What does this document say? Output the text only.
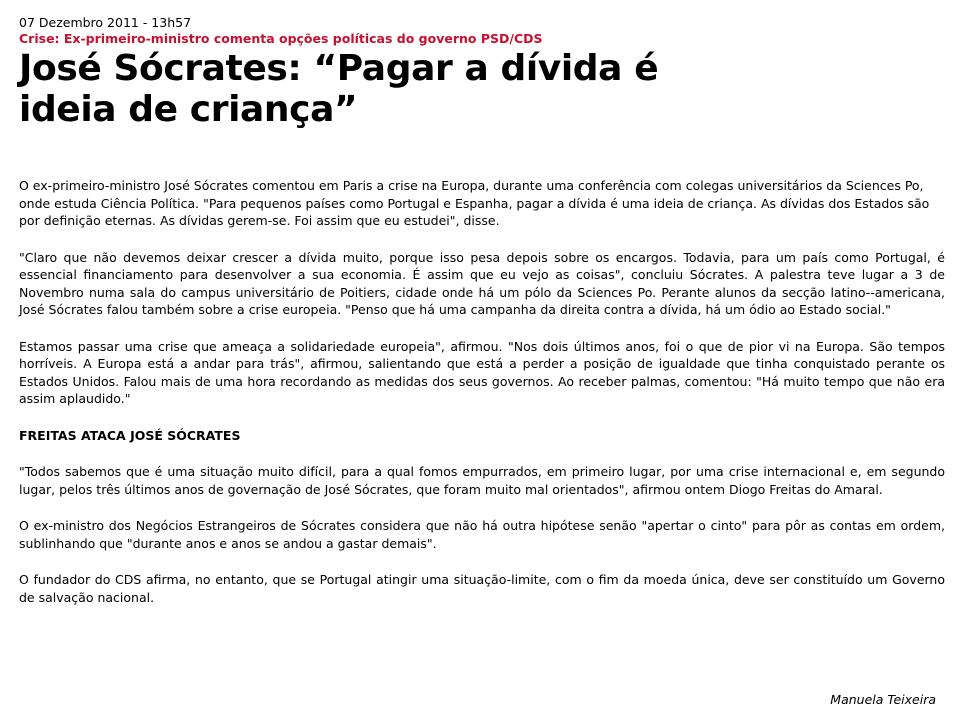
07 Dezembro 2011 - 13h57
Crise: Ex-primeiro-ministro comenta opções políticas do governo PSD/CDS
José Sócrates: “Pagar a dívida é
ideia de criança”

O ex-primeiro-ministro José Sócrates comentou em Paris a crise na Europa, durante uma conferência com colegas universitários da Sciences Po, onde estuda Ciência Política. "Para pequenos países como Portugal e Espanha, pagar a dívida é uma ideia de criança. As dívidas dos Estados são por definição eternas. As dívidas gerem-se. Foi assim que eu estudei", disse.

"Claro que não devemos deixar crescer a dívida muito, porque isso pesa depois sobre os encargos. Todavia, para um país como Portugal, é essencial financiamento para desenvolver a sua economia. É assim que eu vejo as coisas", concluiu Sócrates. A palestra teve lugar a 3 de Novembro numa sala do campus universitário de Poitiers, cidade onde há um pólo da Sciences Po. Perante alunos da secção latino--americana, José Sócrates falou também sobre a crise europeia. "Penso que há uma campanha da direita contra a dívida, há um ódio ao Estado social."

Estamos passar uma crise que ameaça a solidariedade europeia", afirmou. "Nos dois últimos anos, foi o que de pior vi na Europa. São tempos horríveis. A Europa está a andar para trás", afirmou, salientando que está a perder a posição de igualdade que tinha conquistado perante os Estados Unidos. Falou mais de uma hora recordando as medidas dos seus governos. Ao receber palmas, comentou: "Há muito tempo que não era assim aplaudido."

FREITAS ATACA JOSÉ SÓCRATES

"Todos sabemos que é uma situação muito difícil, para a qual fomos empurrados, em primeiro lugar, por uma crise internacional e, em segundo lugar, pelos três últimos anos de governação de José Sócrates, que foram muito mal orientados", afirmou ontem Diogo Freitas do Amaral.

O ex-ministro dos Negócios Estrangeiros de Sócrates considera que não há outra hipótese senão "apertar o cinto" para pôr as contas em ordem, sublinhando que "durante anos e anos se andou a gastar demais".

O fundador do CDS afirma, no entanto, que se Portugal atingir uma situação-limite, com o fim da moeda única, deve ser constituído um Governo de salvação nacional.

Manuela Teixeira
